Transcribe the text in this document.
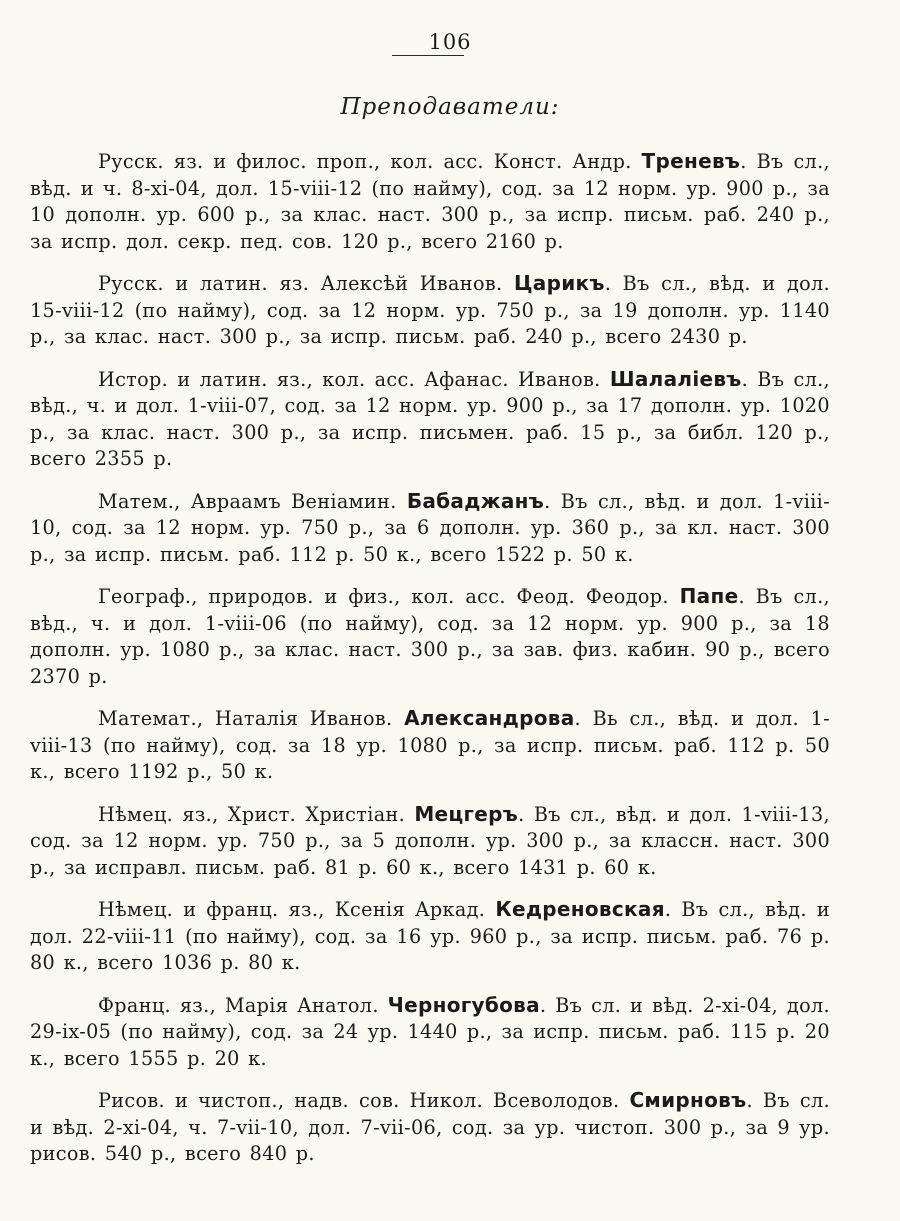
106
Преподаватели:

Русск. яз. и филос. проп., кол. асс. Конст. Андр. Треневъ. Въ сл., вѣд. и ч. 8-xi-04, дол. 15-viii-12 (по найму), сод. за 12 норм. ур. 900 р., за 10 дополн. ур. 600 р., за клас. наст. 300 р., за испр. письм. раб. 240 р., за испр. дол. секр. пед. сов. 120 р., всего 2160 р.

Русск. и латин. яз. Алексѣй Иванов. Царикъ. Въ сл., вѣд. и дол. 15-viii-12 (по найму), сод. за 12 норм. ур. 750 р., за 19 дополн. ур. 1140 р., за клас. наст. 300 р., за испр. письм. раб. 240 р., всего 2430 р.

Истор. и латин. яз., кол. асс. Афанас. Иванов. Шалаліевъ. Въ сл., вѣд., ч. и дол. 1-viii-07, сод. за 12 норм. ур. 900 р., за 17 дополн. ур. 1020 р., за клас. наст. 300 р., за испр. письмен. раб. 15 р., за библ. 120 р., всего 2355 р.

Матем., Авраамъ Веніамин. Бабаджанъ. Въ сл., вѣд. и дол. 1-viii-10, сод. за 12 норм. ур. 750 р., за 6 дополн. ур. 360 р., за кл. наст. 300 р., за испр. письм. раб. 112 р. 50 к., всего 1522 р. 50 к.

Географ., природов. и физ., кол. асс. Феод. Феодор. Папе. Въ сл., вѣд., ч. и дол. 1-viii-06 (по найму), сод. за 12 норм. ур. 900 р., за 18 дополн. ур. 1080 р., за клас. наст. 300 р., за зав. физ. кабин. 90 р., всего 2370 р.

Математ., Наталія Иванов. Александрова. Вь сл., вѣд. и дол. 1-viii-13 (по найму), сод. за 18 ур. 1080 р., за испр. письм. раб. 112 р. 50 к., всего 1192 р., 50 к.

Нѣмец. яз., Христ. Христіан. Мецгеръ. Въ сл., вѣд. и дол. 1-viii-13, сод. за 12 норм. ур. 750 р., за 5 дополн. ур. 300 р., за классн. наст. 300 р., за исправл. письм. раб. 81 р. 60 к., всего 1431 р. 60 к.

Нѣмец. и франц. яз., Ксенія Аркад. Кедреновская. Въ сл., вѣд. и дол. 22-viii-11 (по найму), сод. за 16 ур. 960 р., за испр. письм. раб. 76 р. 80 к., всего 1036 р. 80 к.

Франц. яз., Марія Анатол. Черногубова. Въ сл. и вѣд. 2-xi-04, дол. 29-ix-05 (по найму), сод. за 24 ур. 1440 р., за испр. письм. раб. 115 р. 20 к., всего 1555 р. 20 к.

Рисов. и чистоп., надв. сов. Никол. Всеволодов. Смирновъ. Въ сл. и вѣд. 2-xi-04, ч. 7-vii-10, дол. 7-vii-06, сод. за ур. чистоп. 300 р., за 9 ур. рисов. 540 р., всего 840 р.
